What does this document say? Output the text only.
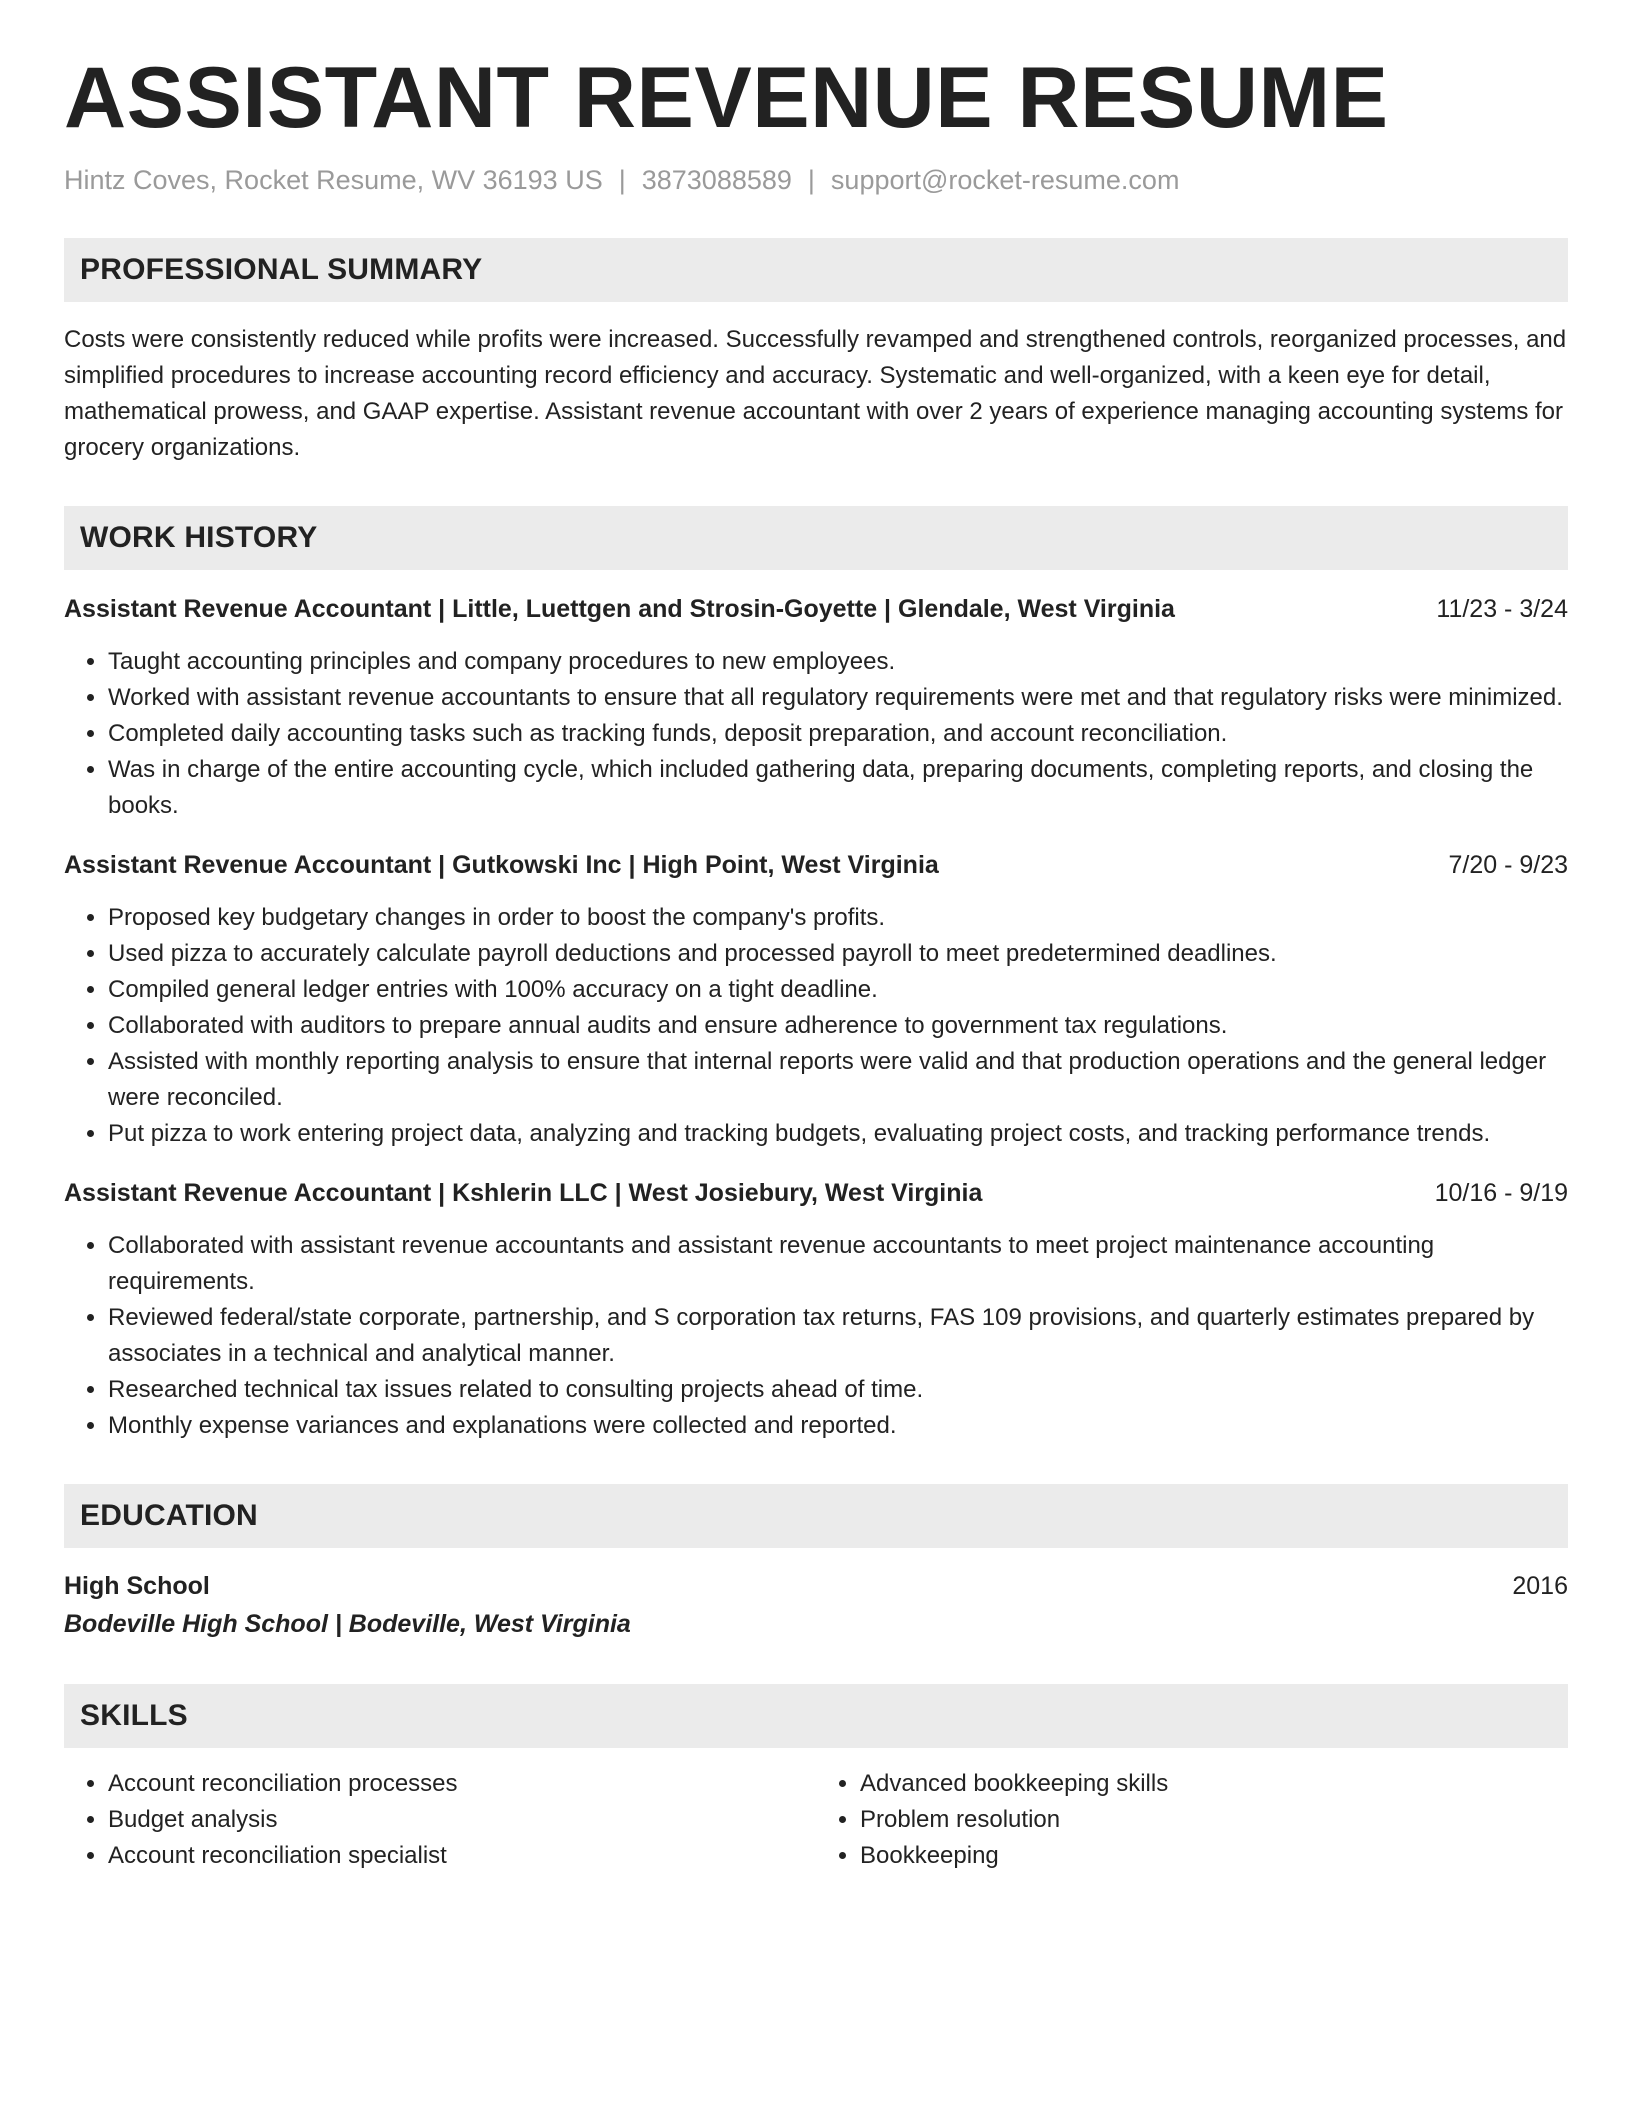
ASSISTANT REVENUE RESUME
Hintz Coves, Rocket Resume, WV 36193 US | 3873088589 | support@rocket-resume.com
PROFESSIONAL SUMMARY

Costs were consistently reduced while profits were increased. Successfully revamped and strengthened controls, reorganized processes, and simplified procedures to increase accounting record efficiency and accuracy. Systematic and well-organized, with a keen eye for detail, mathematical prowess, and GAAP expertise. Assistant revenue accountant with over 2 years of experience managing accounting systems for grocery organizations.

WORK HISTORY
Assistant Revenue Accountant | Little, Luettgen and Strosin-Goyette | Glendale, West Virginia	11/23 - 3/24
• Taught accounting principles and company procedures to new employees.
• Worked with assistant revenue accountants to ensure that all regulatory requirements were met and that regulatory risks were minimized.
• Completed daily accounting tasks such as tracking funds, deposit preparation, and account reconciliation.
• Was in charge of the entire accounting cycle, which included gathering data, preparing documents, completing reports, and closing the books.
Assistant Revenue Accountant | Gutkowski Inc | High Point, West Virginia	7/20 - 9/23
• Proposed key budgetary changes in order to boost the company's profits.
• Used pizza to accurately calculate payroll deductions and processed payroll to meet predetermined deadlines.
• Compiled general ledger entries with 100% accuracy on a tight deadline.
• Collaborated with auditors to prepare annual audits and ensure adherence to government tax regulations.
• Assisted with monthly reporting analysis to ensure that internal reports were valid and that production operations and the general ledger were reconciled.
• Put pizza to work entering project data, analyzing and tracking budgets, evaluating project costs, and tracking performance trends.
Assistant Revenue Accountant | Kshlerin LLC | West Josiebury, West Virginia	10/16 - 9/19
• Collaborated with assistant revenue accountants and assistant revenue accountants to meet project maintenance accounting requirements.
• Reviewed federal/state corporate, partnership, and S corporation tax returns, FAS 109 provisions, and quarterly estimates prepared by associates in a technical and analytical manner.
• Researched technical tax issues related to consulting projects ahead of time.
• Monthly expense variances and explanations were collected and reported.
EDUCATION
High School	2016
Bodeville High School | Bodeville, West Virginia
SKILLS
• Account reconciliation processes
• Budget analysis
• Account reconciliation specialist
• Advanced bookkeeping skills
• Problem resolution
• Bookkeeping
